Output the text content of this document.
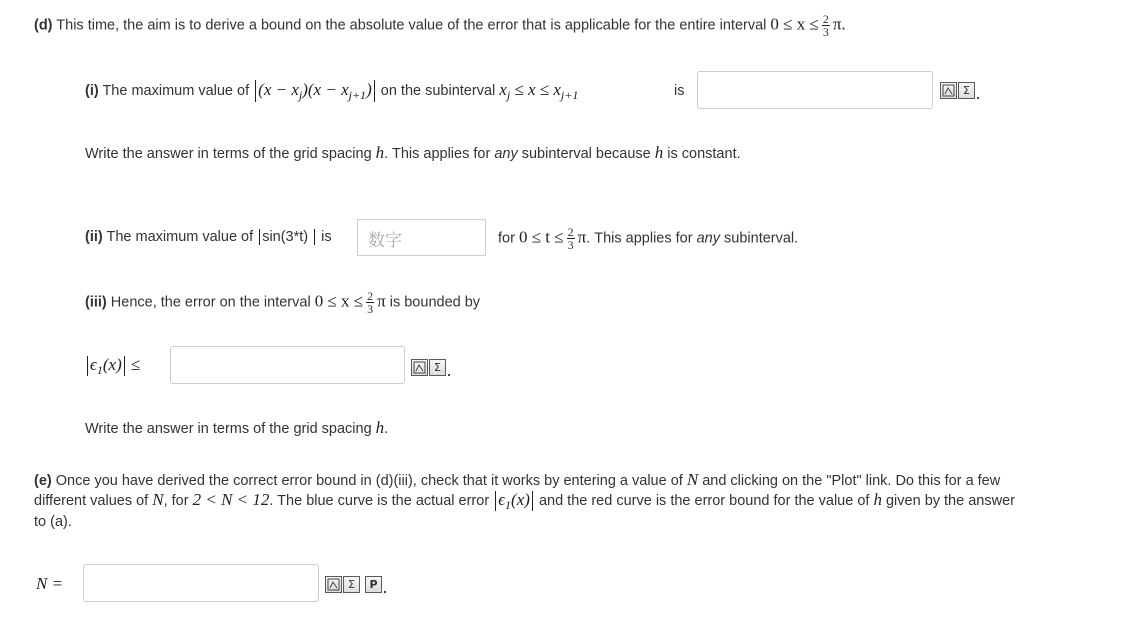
(d) This time, the aim is to derive a bound on the absolute value of the error that is applicable for the entire interval $0 \le x \le \frac{2}{3} \pi$.
(i) The maximum value of $(x - x_j)(x - x_{j+1})$ on the subinterval $x_j \le x \le x_{j+1}$	is	Σ
Write the answer in terms of the grid spacing h. This applies for any subinterval because h is constant.
(ii) The maximum value of sin(3*t)  is 数字	for $0 \le t \le \frac{2}{3} \pi$. This applies for any subinterval.
(iii) Hence, the error on the interval $0 \le x \le \frac{2}{3}$ π is bounded by
$\epsilon_1(x)$ ≤	Σ
Write the answer in terms of the grid spacing h.
(e) Once you have derived the correct error bound in (d)(iii), check that it works by entering a value of N and clicking on the "Plot" link. Do this for a few
different values of N, for 2 < N < 12. The blue curve is the actual error $\epsilon_1(x)$ and the red curve is the error bound for the value of h given by the answer
to (a).
N =	Σ	P
